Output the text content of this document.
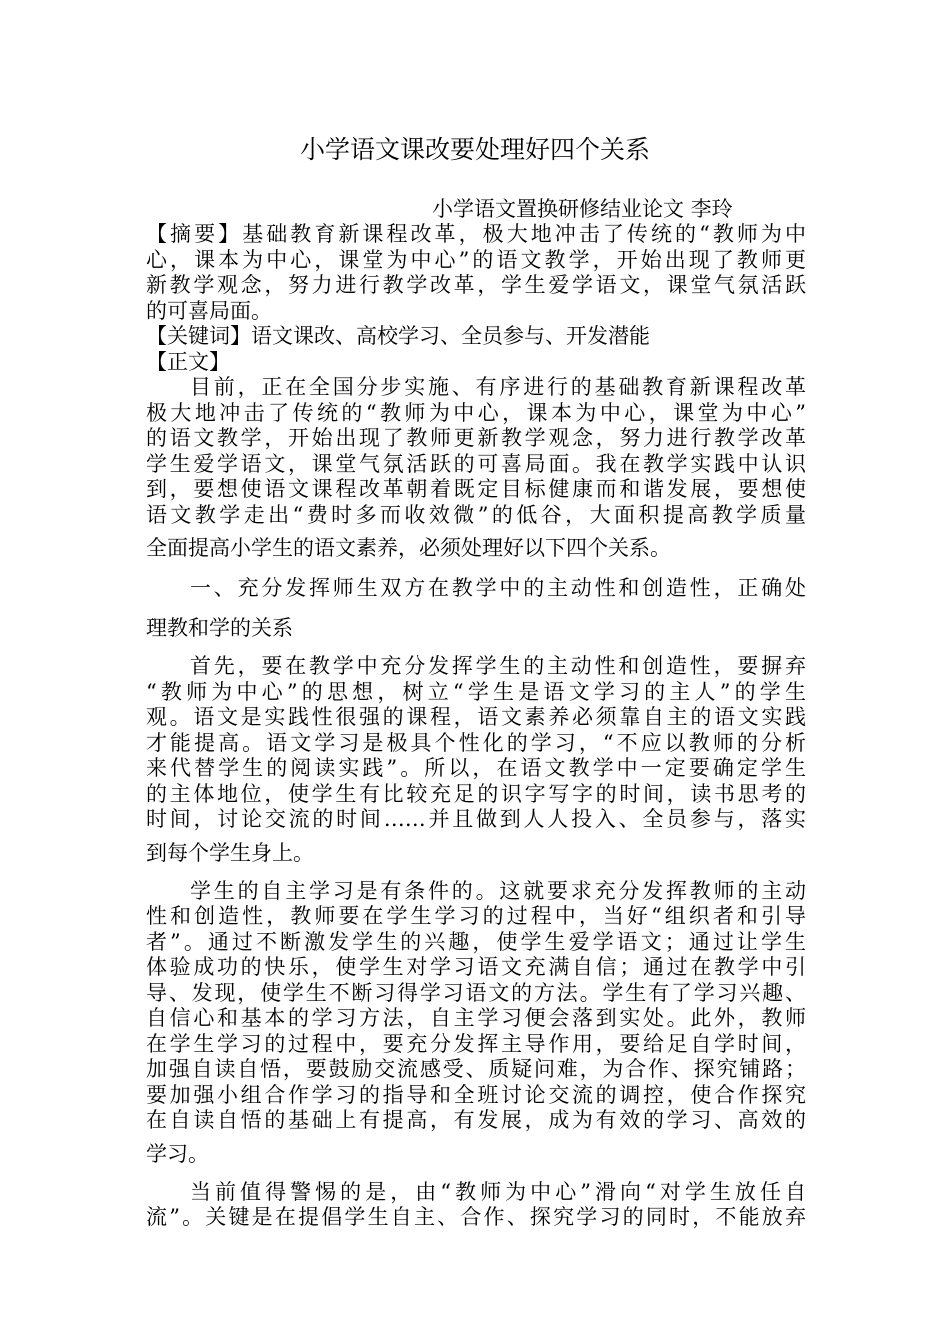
小学语文课改要处理好四个关系
小学语文置换研修结业论文 李玲
【摘要】基础教育新课程改革，极大地冲击了传统的“教师为中
心，课本为中心，课堂为中心”的语文教学，开始出现了教师更
新教学观念，努力进行教学改革，学生爱学语文，课堂气氛活跃
的可喜局面。
【关键词】语文课改、高校学习、全员参与、开发潜能
【正文】
目前，正在全国分步实施、有序进行的基础教育新课程改革
极大地冲击了传统的“教师为中心，课本为中心，课堂为中心”
的语文教学，开始出现了教师更新教学观念，努力进行教学改革
学生爱学语文，课堂气氛活跃的可喜局面。我在教学实践中认识
到，要想使语文课程改革朝着既定目标健康而和谐发展，要想使
语文教学走出“费时多而收效微”的低谷，大面积提高教学质量
全面提高小学生的语文素养，必须处理好以下四个关系。
一、充分发挥师生双方在教学中的主动性和创造性，正确处
理教和学的关系
首先，要在教学中充分发挥学生的主动性和创造性，要摒弃
“教师为中心”的思想，树立“学生是语文学习的主人”的学生
观。语文是实践性很强的课程，语文素养必须靠自主的语文实践
才能提高。语文学习是极具个性化的学习，“不应以教师的分析
来代替学生的阅读实践”。所以，在语文教学中一定要确定学生
的主体地位，使学生有比较充足的识字写字的时间，读书思考的
时间，讨论交流的时间……并且做到人人投入、全员参与，落实
到每个学生身上。
学生的自主学习是有条件的。这就要求充分发挥教师的主动
性和创造性，教师要在学生学习的过程中，当好“组织者和引导
者”。通过不断激发学生的兴趣，使学生爱学语文；通过让学生
体验成功的快乐，使学生对学习语文充满自信；通过在教学中引
导、发现，使学生不断习得学习语文的方法。学生有了学习兴趣、
自信心和基本的学习方法，自主学习便会落到实处。此外，教师
在学生学习的过程中，要充分发挥主导作用，要给足自学时间，
加强自读自悟，要鼓励交流感受、质疑问难，为合作、探究铺路；
要加强小组合作学习的指导和全班讨论交流的调控，使合作探究
在自读自悟的基础上有提高，有发展，成为有效的学习、高效的
学习。
当前值得警惕的是，由“教师为中心”滑向“对学生放任自
流”。关键是在提倡学生自主、合作、探究学习的同时，不能放弃
